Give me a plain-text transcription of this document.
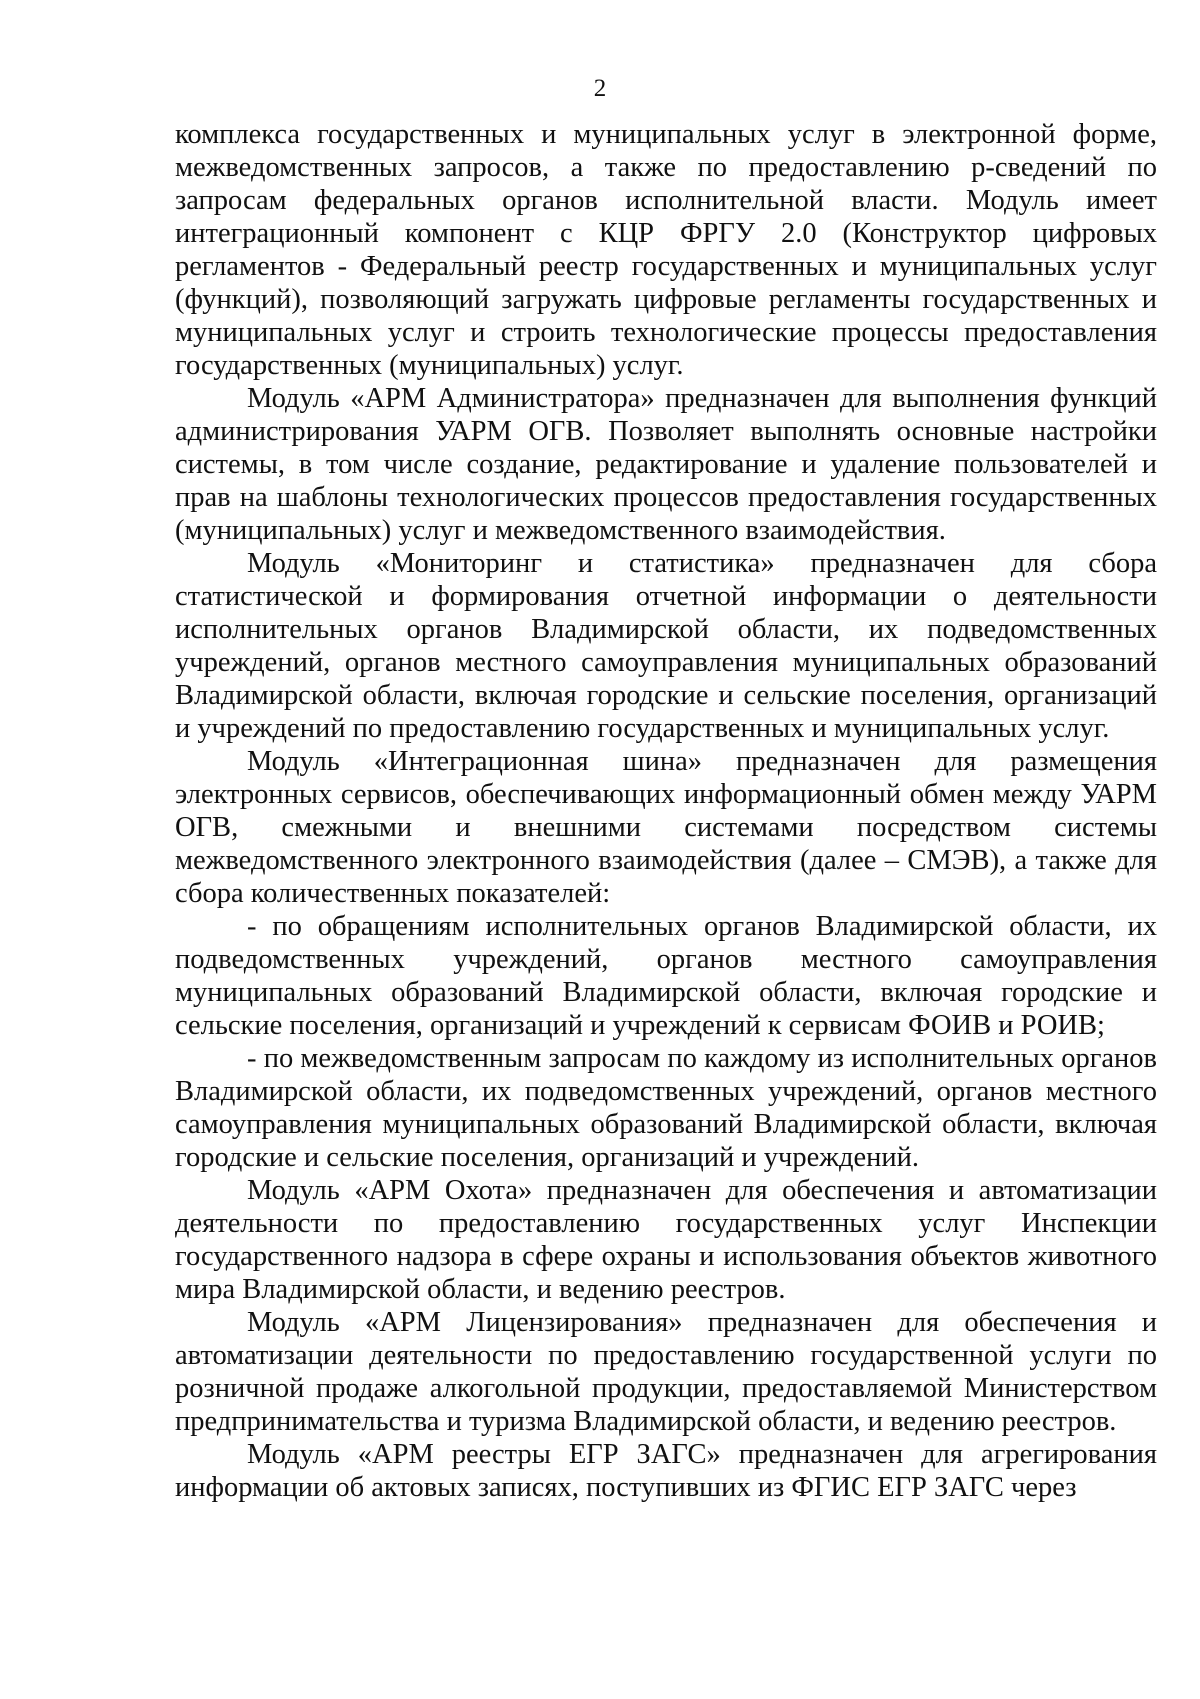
2

комплекса государственных и муниципальных услуг в электронной форме, межведомственных запросов, а также по предоставлению р-сведений по запросам федеральных органов исполнительной власти. Модуль имеет интеграционный компонент с КЦР ФРГУ 2.0 (Конструктор цифровых регламентов - Федеральный реестр государственных и муниципальных услуг (функций), позволяющий загружать цифровые регламенты государственных и муниципальных услуг и строить технологические процессы предоставления государственных (муниципальных) услуг.

Модуль «АРМ Администратора» предназначен для выполнения функций администрирования УАРМ ОГВ. Позволяет выполнять основные настройки системы, в том числе создание, редактирование и удаление пользователей и прав на шаблоны технологических процессов предоставления государственных (муниципальных) услуг и межведомственного взаимодействия.

Модуль «Мониторинг и статистика» предназначен для сбора статистической и формирования отчетной информации о деятельности исполнительных органов Владимирской области, их подведомственных учреждений, органов местного самоуправления муниципальных образований Владимирской области, включая городские и сельские поселения, организаций и учреждений по предоставлению государственных и муниципальных услуг.

Модуль «Интеграционная шина» предназначен для размещения электронных сервисов, обеспечивающих информационный обмен между УАРМ ОГВ, смежными и внешними системами посредством системы межведомственного электронного взаимодействия (далее – СМЭВ), а также для сбора количественных показателей:

- по обращениям исполнительных органов Владимирской области, их подведомственных учреждений, органов местного самоуправления муниципальных образований Владимирской области, включая городские и сельские поселения, организаций и учреждений к сервисам ФОИВ и РОИВ;

- по межведомственным запросам по каждому из исполнительных органов Владимирской области, их подведомственных учреждений, органов местного самоуправления муниципальных образований Владимирской области, включая городские и сельские поселения, организаций и учреждений.

Модуль «АРМ Охота» предназначен для обеспечения и автоматизации деятельности по предоставлению государственных услуг Инспекции государственного надзора в сфере охраны и использования объектов животного мира Владимирской области, и ведению реестров.

Модуль «АРМ Лицензирования» предназначен для обеспечения и автоматизации деятельности по предоставлению государственной услуги по розничной продаже алкогольной продукции, предоставляемой Министерством предпринимательства и туризма Владимирской области, и ведению реестров.

Модуль «АРМ реестры ЕГР ЗАГС» предназначен для агрегирования информации об актовых записях, поступивших из ФГИС ЕГР ЗАГС через
